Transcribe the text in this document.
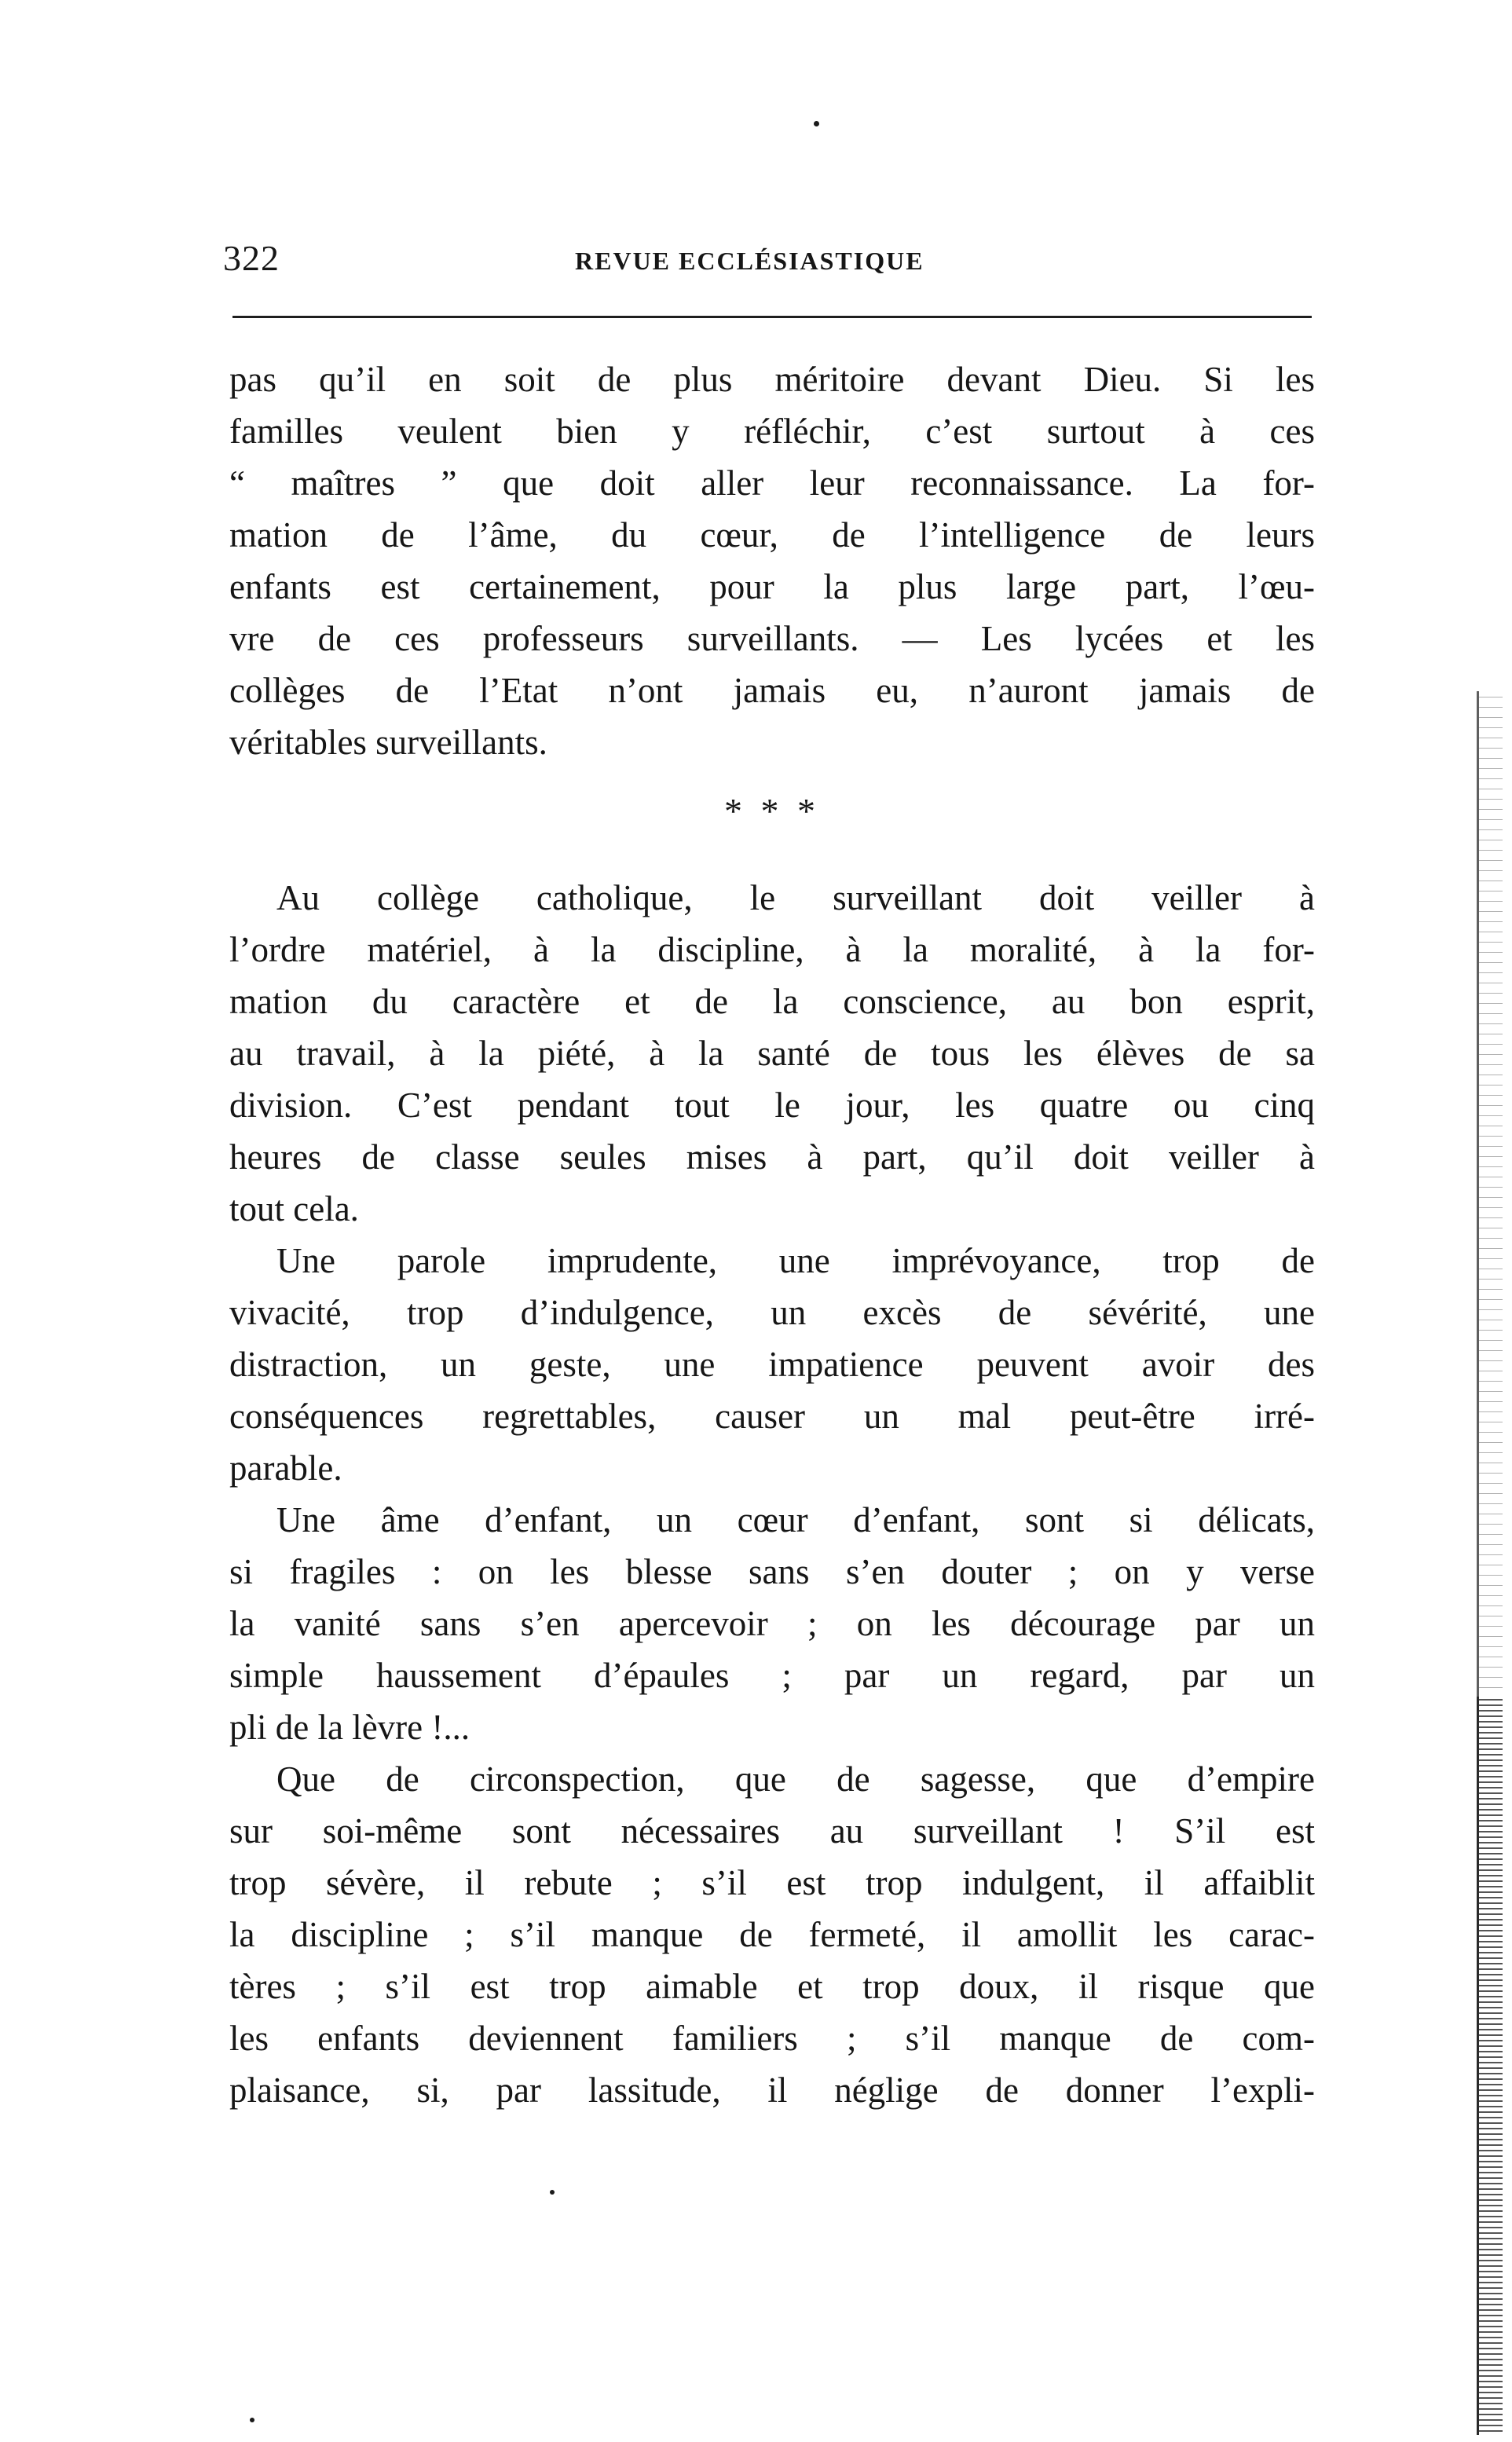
322	REVUE ECCLÉSIASTIQUE
pas qu’il en soit de plus méritoire devant Dieu. Si les
familles veulent bien y réfléchir, c’est surtout à ces
“ maîtres ” que doit aller leur reconnaissance. La for-
mation de l’âme, du cœur, de l’intelligence de leurs
enfants est certainement, pour la plus large part, l’œu-
vre de ces professeurs surveillants. — Les lycées et les
collèges de l’Etat n’ont jamais eu, n’auront jamais de
véritables surveillants.
* * *
Au collège catholique, le surveillant doit veiller à
l’ordre matériel, à la discipline, à la moralité, à la for-
mation du caractère et de la conscience, au bon esprit,
au travail, à la piété, à la santé de tous les élèves de sa
division. C’est pendant tout le jour, les quatre ou cinq
heures de classe seules mises à part, qu’il doit veiller à
tout cela.
Une parole imprudente, une imprévoyance, trop de
vivacité, trop d’indulgence, un excès de sévérité, une
distraction, un geste, une impatience peuvent avoir des
conséquences regrettables, causer un mal peut-être irré-
parable.
Une âme d’enfant, un cœur d’enfant, sont si délicats,
si fragiles : on les blesse sans s’en douter ; on y verse
la vanité sans s’en apercevoir ; on les décourage par un
simple haussement d’épaules ; par un regard, par un
pli de la lèvre !...
Que de circonspection, que de sagesse, que d’empire
sur soi-même sont nécessaires au surveillant ! S’il est
trop sévère, il rebute ; s’il est trop indulgent, il affaiblit
la discipline ; s’il manque de fermeté, il amollit les carac-
tères ; s’il est trop aimable et trop doux, il risque que
les enfants deviennent familiers ; s’il manque de com-
plaisance, si, par lassitude, il néglige de donner l’expli-
